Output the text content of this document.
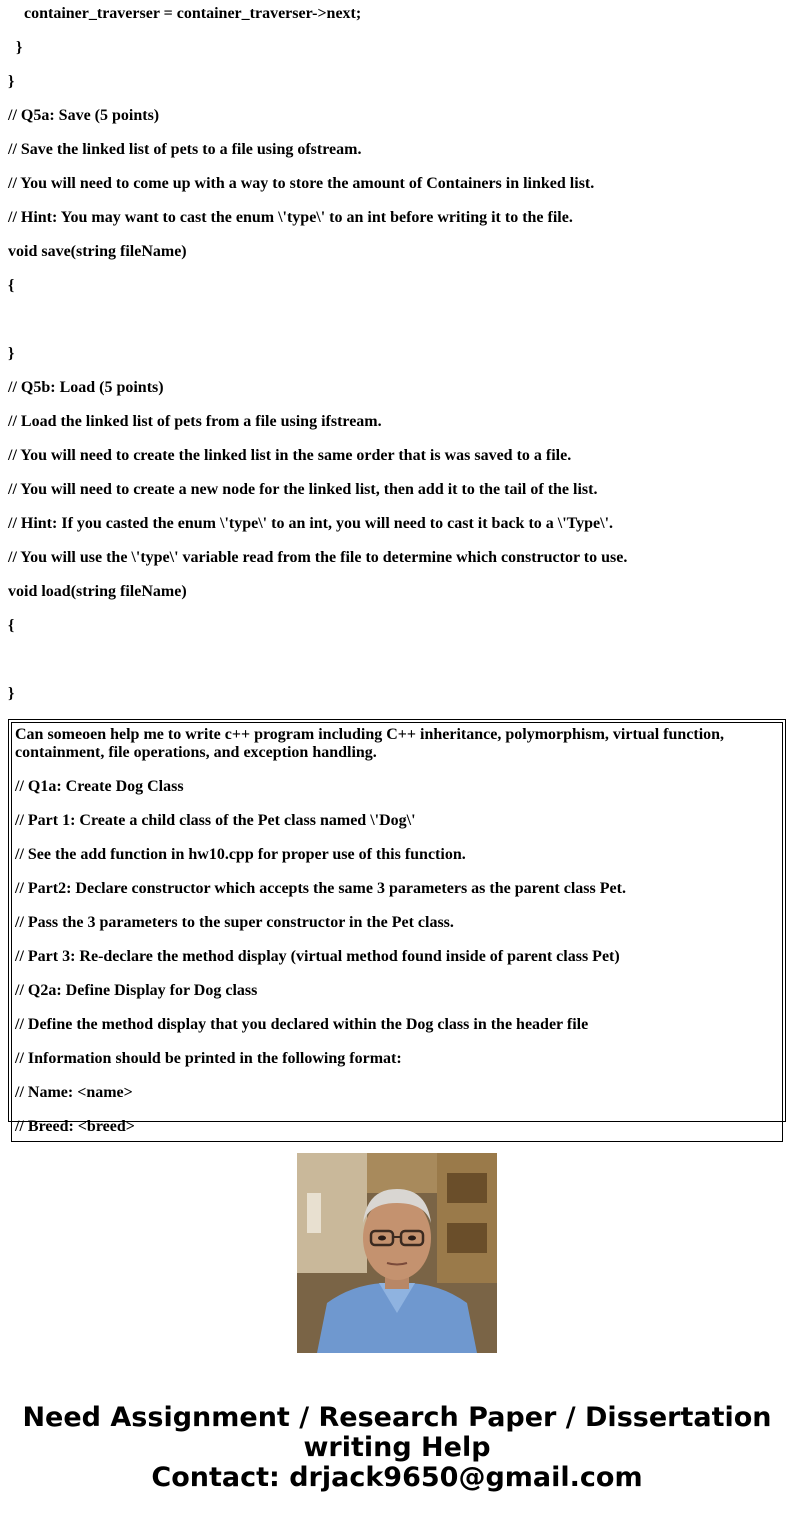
container_traverser = container_traverser->next;
}
}
// Q5a: Save (5 points)
// Save the linked list of pets to a file using ofstream.
// You will need to come up with a way to store the amount of Containers in linked list.
// Hint: You may want to cast the enum \'type\' to an int before writing it to the file.
void save(string fileName)
{
}
// Q5b: Load (5 points)
// Load the linked list of pets from a file using ifstream.
// You will need to create the linked list in the same order that is was saved to a file.
// You will need to create a new node for the linked list, then add it to the tail of the list.
// Hint: If you casted the enum \'type\' to an int, you will need to cast it back to a \'Type\'.
// You will use the \'type\' variable read from the file to determine which constructor to use.
void load(string fileName)
{
}

Can someoen help me to write c++ program including C++ inheritance, polymorphism, virtual function, containment, file operations, and exception handling.

// Q1a: Create Dog Class

// Part 1: Create a child class of the Pet class named \'Dog\'

// See the add function in hw10.cpp for proper use of this function.

// Part2: Declare constructor which accepts the same 3 parameters as the parent class Pet.

// Pass the 3 parameters to the super constructor in the Pet class.

// Part 3: Re-declare the method display (virtual method found inside of parent class Pet)

// Q2a: Define Display for Dog class

// Define the method display that you declared within the Dog class in the header file

// Information should be printed in the following format:

// Name: <name>

// Breed: <breed>

Need Assignment / Research Paper / Dissertation
writing Help
Contact: drjack9650@gmail.com
